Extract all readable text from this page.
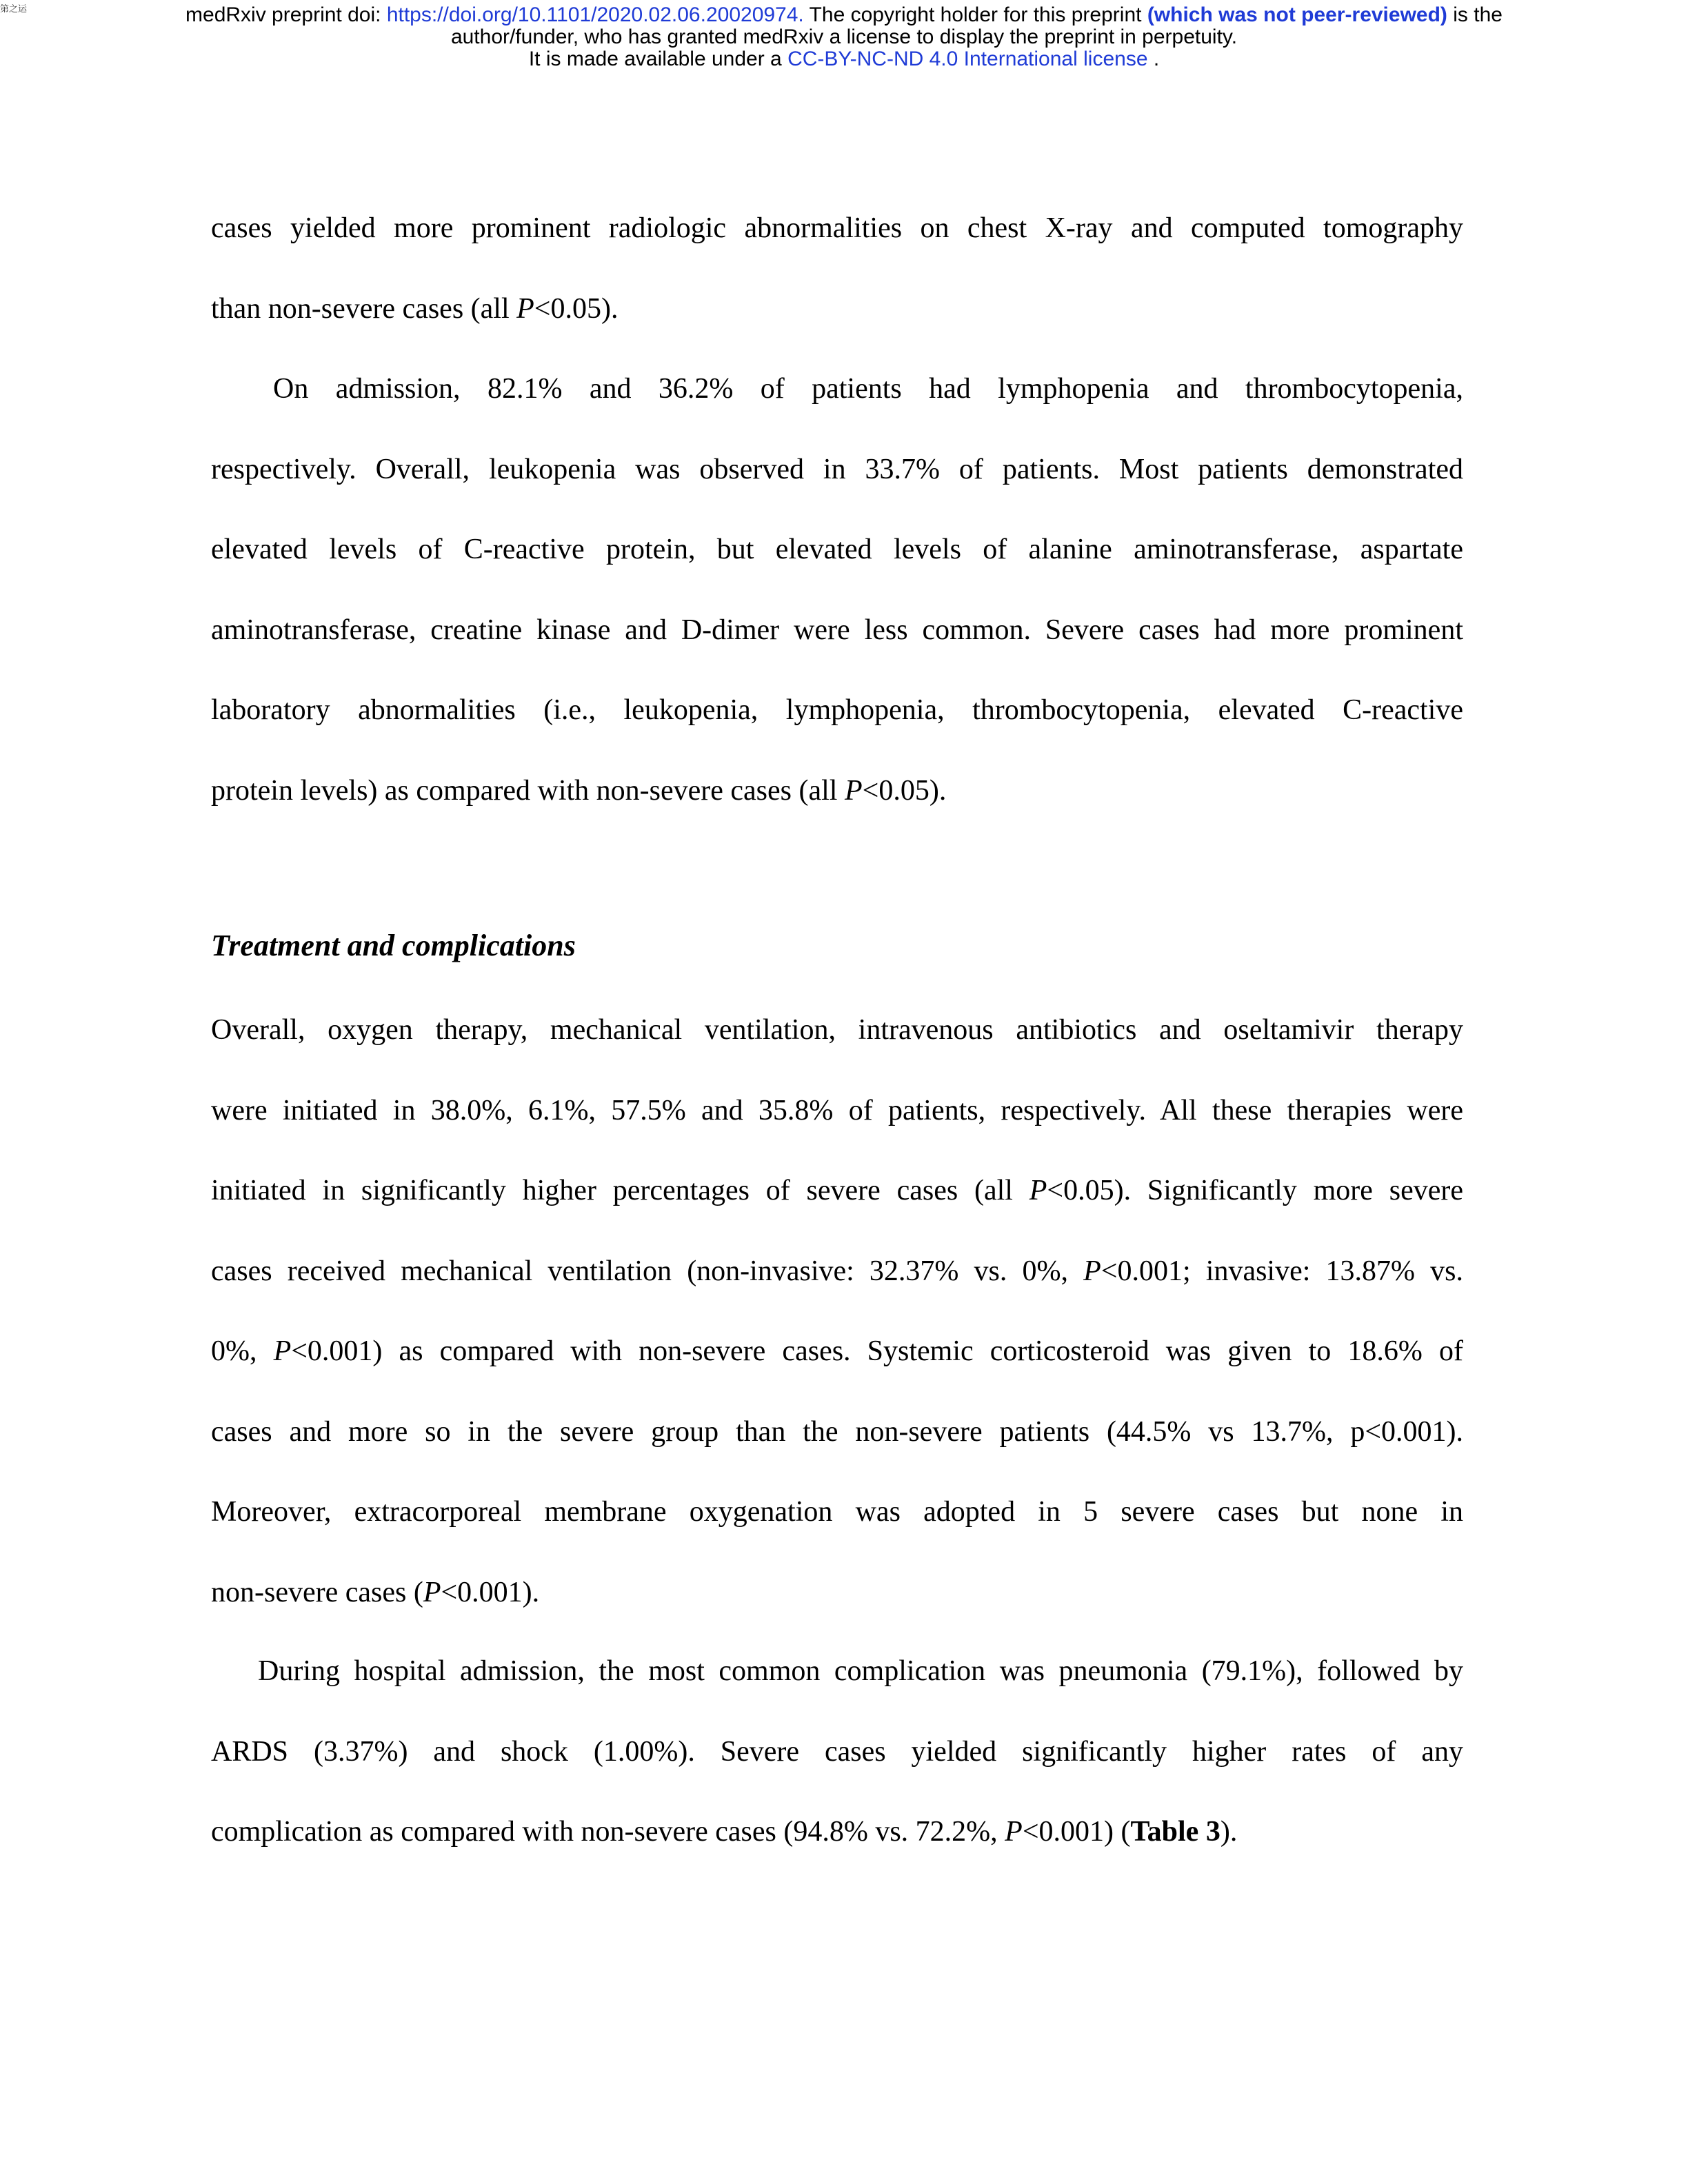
第之运	medRxiv preprint doi: https://doi.org/10.1101/2020.02.06.20020974. The copyright holder for this preprint (which was not peer-reviewed) is the
author/funder, who has granted medRxiv a license to display the preprint in perpetuity.
It is made available under a CC-BY-NC-ND 4.0 International license .

cases yielded more prominent radiologic abnormalities on chest X-ray and computed tomography
than non-severe cases (all P<0.05).

On admission, 82.1% and 36.2% of patients had lymphopenia and thrombocytopenia,
respectively. Overall, leukopenia was observed in 33.7% of patients. Most patients demonstrated
elevated levels of C-reactive protein, but elevated levels of alanine aminotransferase, aspartate
aminotransferase, creatine kinase and D-dimer were less common. Severe cases had more prominent
laboratory abnormalities (i.e., leukopenia, lymphopenia, thrombocytopenia, elevated C-reactive
protein levels) as compared with non-severe cases (all P<0.05).

Treatment and complications

Overall, oxygen therapy, mechanical ventilation, intravenous antibiotics and oseltamivir therapy
were initiated in 38.0%, 6.1%, 57.5% and 35.8% of patients, respectively. All these therapies were
initiated in significantly higher percentages of severe cases (all P<0.05). Significantly more severe
cases received mechanical ventilation (non-invasive: 32.37% vs. 0%, P<0.001; invasive: 13.87% vs.
0%, P<0.001) as compared with non-severe cases. Systemic corticosteroid was given to 18.6% of
cases and more so in the severe group than the non-severe patients (44.5% vs 13.7%, p<0.001).
Moreover, extracorporeal membrane oxygenation was adopted in 5 severe cases but none in
non-severe cases (P<0.001).

During hospital admission, the most common complication was pneumonia (79.1%), followed by
ARDS (3.37%) and shock (1.00%). Severe cases yielded significantly higher rates of any
complication as compared with non-severe cases (94.8% vs. 72.2%, P<0.001) (Table 3).
